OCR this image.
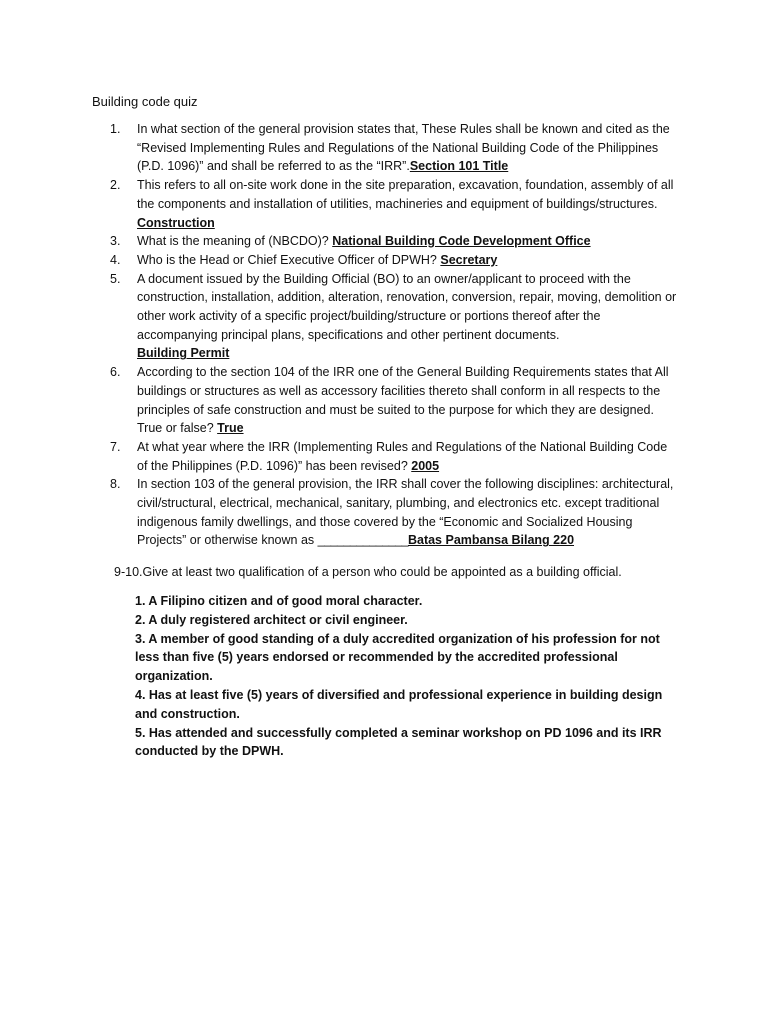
Building code quiz
1.	In what section of the general provision states that, These Rules shall be known and cited as the “Revised Implementing Rules and Regulations of the National Building Code of the Philippines (P.D. 1096)” and shall be referred to as the “IRR”.Section 101 Title
2.	This refers to all on-site work done in the site preparation, excavation, foundation, assembly of all the components and installation of utilities, machineries and equipment of buildings/structures. Construction
3.	What is the meaning of (NBCDO)? National Building Code Development Office
4.	Who is the Head or Chief Executive Officer of DPWH? Secretary
5.	A document issued by the Building Official (BO) to an owner/applicant to proceed with the construction, installation, addition, alteration, renovation, conversion, repair, moving, demolition or other work activity of a specific project/building/structure or portions thereof after the accompanying principal plans, specifications and other pertinent documents.
Building Permit
6.	According to the section 104 of the IRR one of the General Building Requirements states that All buildings or structures as well as accessory facilities thereto shall conform in all respects to the principles of safe construction and must be suited to the purpose for which they are designed. True or false? True
7.	At what year where the IRR (Implementing Rules and Regulations of the National Building Code of the Philippines (P.D. 1096)” has been revised? 2005
8.	In section 103 of the general provision, the IRR shall cover the following disciplines: architectural, civil/structural, electrical, mechanical, sanitary, plumbing, and electronics etc. except traditional indigenous family dwellings, and those covered by the “Economic and Socialized Housing Projects” or otherwise known as ______________Batas Pambansa Bilang 220
9-10.Give at least two qualification of a person who could be appointed as a building official.

1. A Filipino citizen and of good moral character.

2. A duly registered architect or civil engineer.

3. A member of good standing of a duly accredited organization of his profession for not less than five (5) years endorsed or recommended by the accredited professional organization.

4. Has at least five (5) years of diversified and professional experience in building design and construction.

5. Has attended and successfully completed a seminar workshop on PD 1096 and its IRR conducted by the DPWH.
